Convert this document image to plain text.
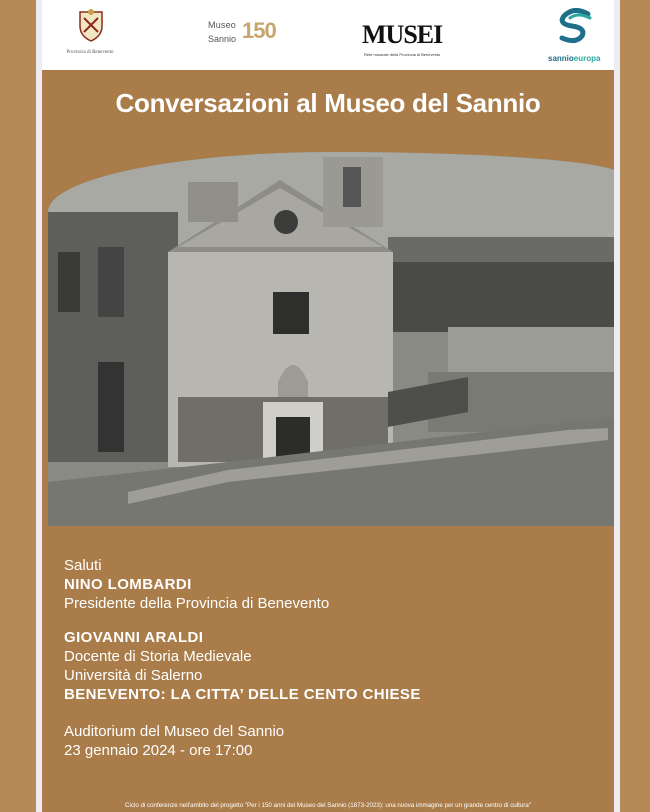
Provincia di Benevento
Museo
Sannio 150	MUSEI
Rete museale della Provincia di Benevento	sannioeuropa
Conversazioni al Museo del Sannio
Saluti
NINO LOMBARDI
Presidente della Provincia di Benevento
GIOVANNI ARALDI
Docente di Storia Medievale
Università di Salerno
BENEVENTO: LA CITTA’ DELLE CENTO CHIESE
Auditorium del Museo del Sannio
23 gennaio 2024 - ore 17:00
Ciclo di conferenze nell'ambito del progetto "Per i 150 anni del Museo del Sannio (1873-2023): una nuova immagine per un grande centro di cultura"
